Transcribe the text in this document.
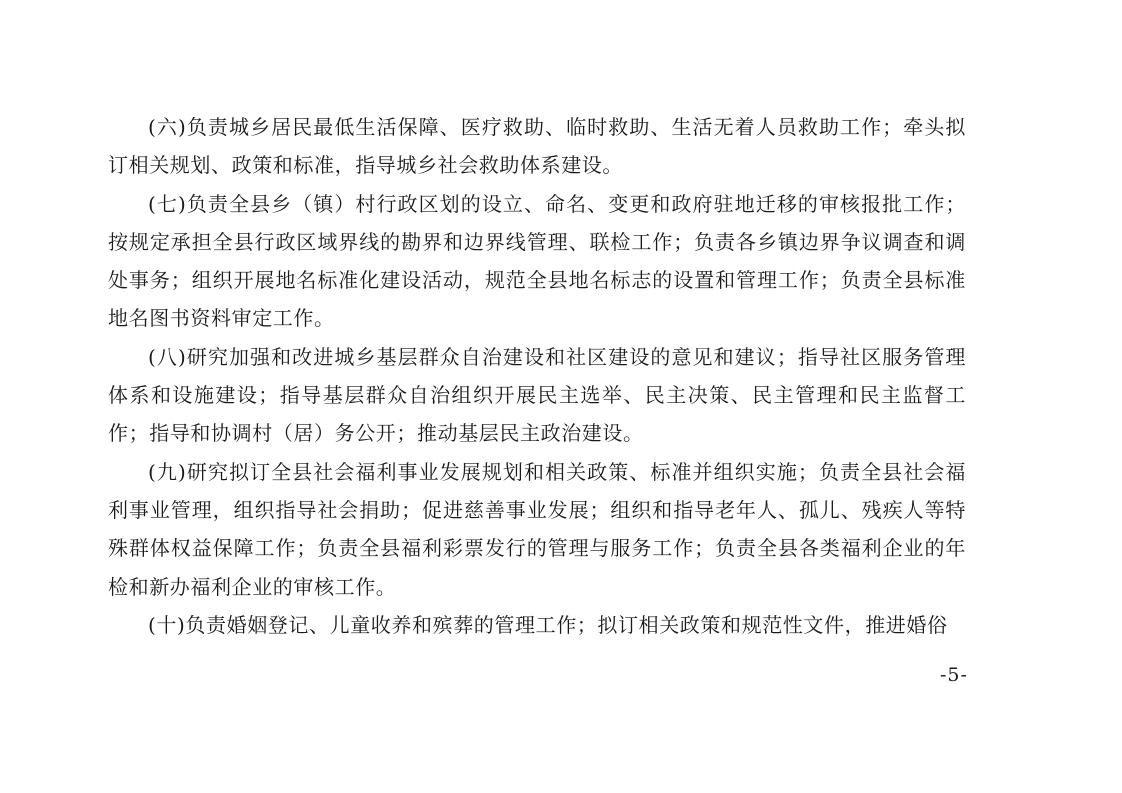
(六)负责城乡居民最低生活保障、医疗救助、临时救助、生活无着人员救助工作；牵头拟订相关规划、政策和标准，指导城乡社会救助体系建设。

(七)负责全县乡（镇）村行政区划的设立、命名、变更和政府驻地迁移的审核报批工作；按规定承担全县行政区域界线的勘界和边界线管理、联检工作；负责各乡镇边界争议调查和调处事务；组织开展地名标准化建设活动，规范全县地名标志的设置和管理工作；负责全县标准地名图书资料审定工作。

(八)研究加强和改进城乡基层群众自治建设和社区建设的意见和建议；指导社区服务管理体系和设施建设；指导基层群众自治组织开展民主选举、民主决策、民主管理和民主监督工作；指导和协调村（居）务公开；推动基层民主政治建设。

(九)研究拟订全县社会福利事业发展规划和相关政策、标准并组织实施；负责全县社会福利事业管理，组织指导社会捐助；促进慈善事业发展；组织和指导老年人、孤儿、残疾人等特殊群体权益保障工作；负责全县福利彩票发行的管理与服务工作；负责全县各类福利企业的年检和新办福利企业的审核工作。

(十)负责婚姻登记、儿童收养和殡葬的管理工作；拟订相关政策和规范性文件，推进婚俗

-5-
